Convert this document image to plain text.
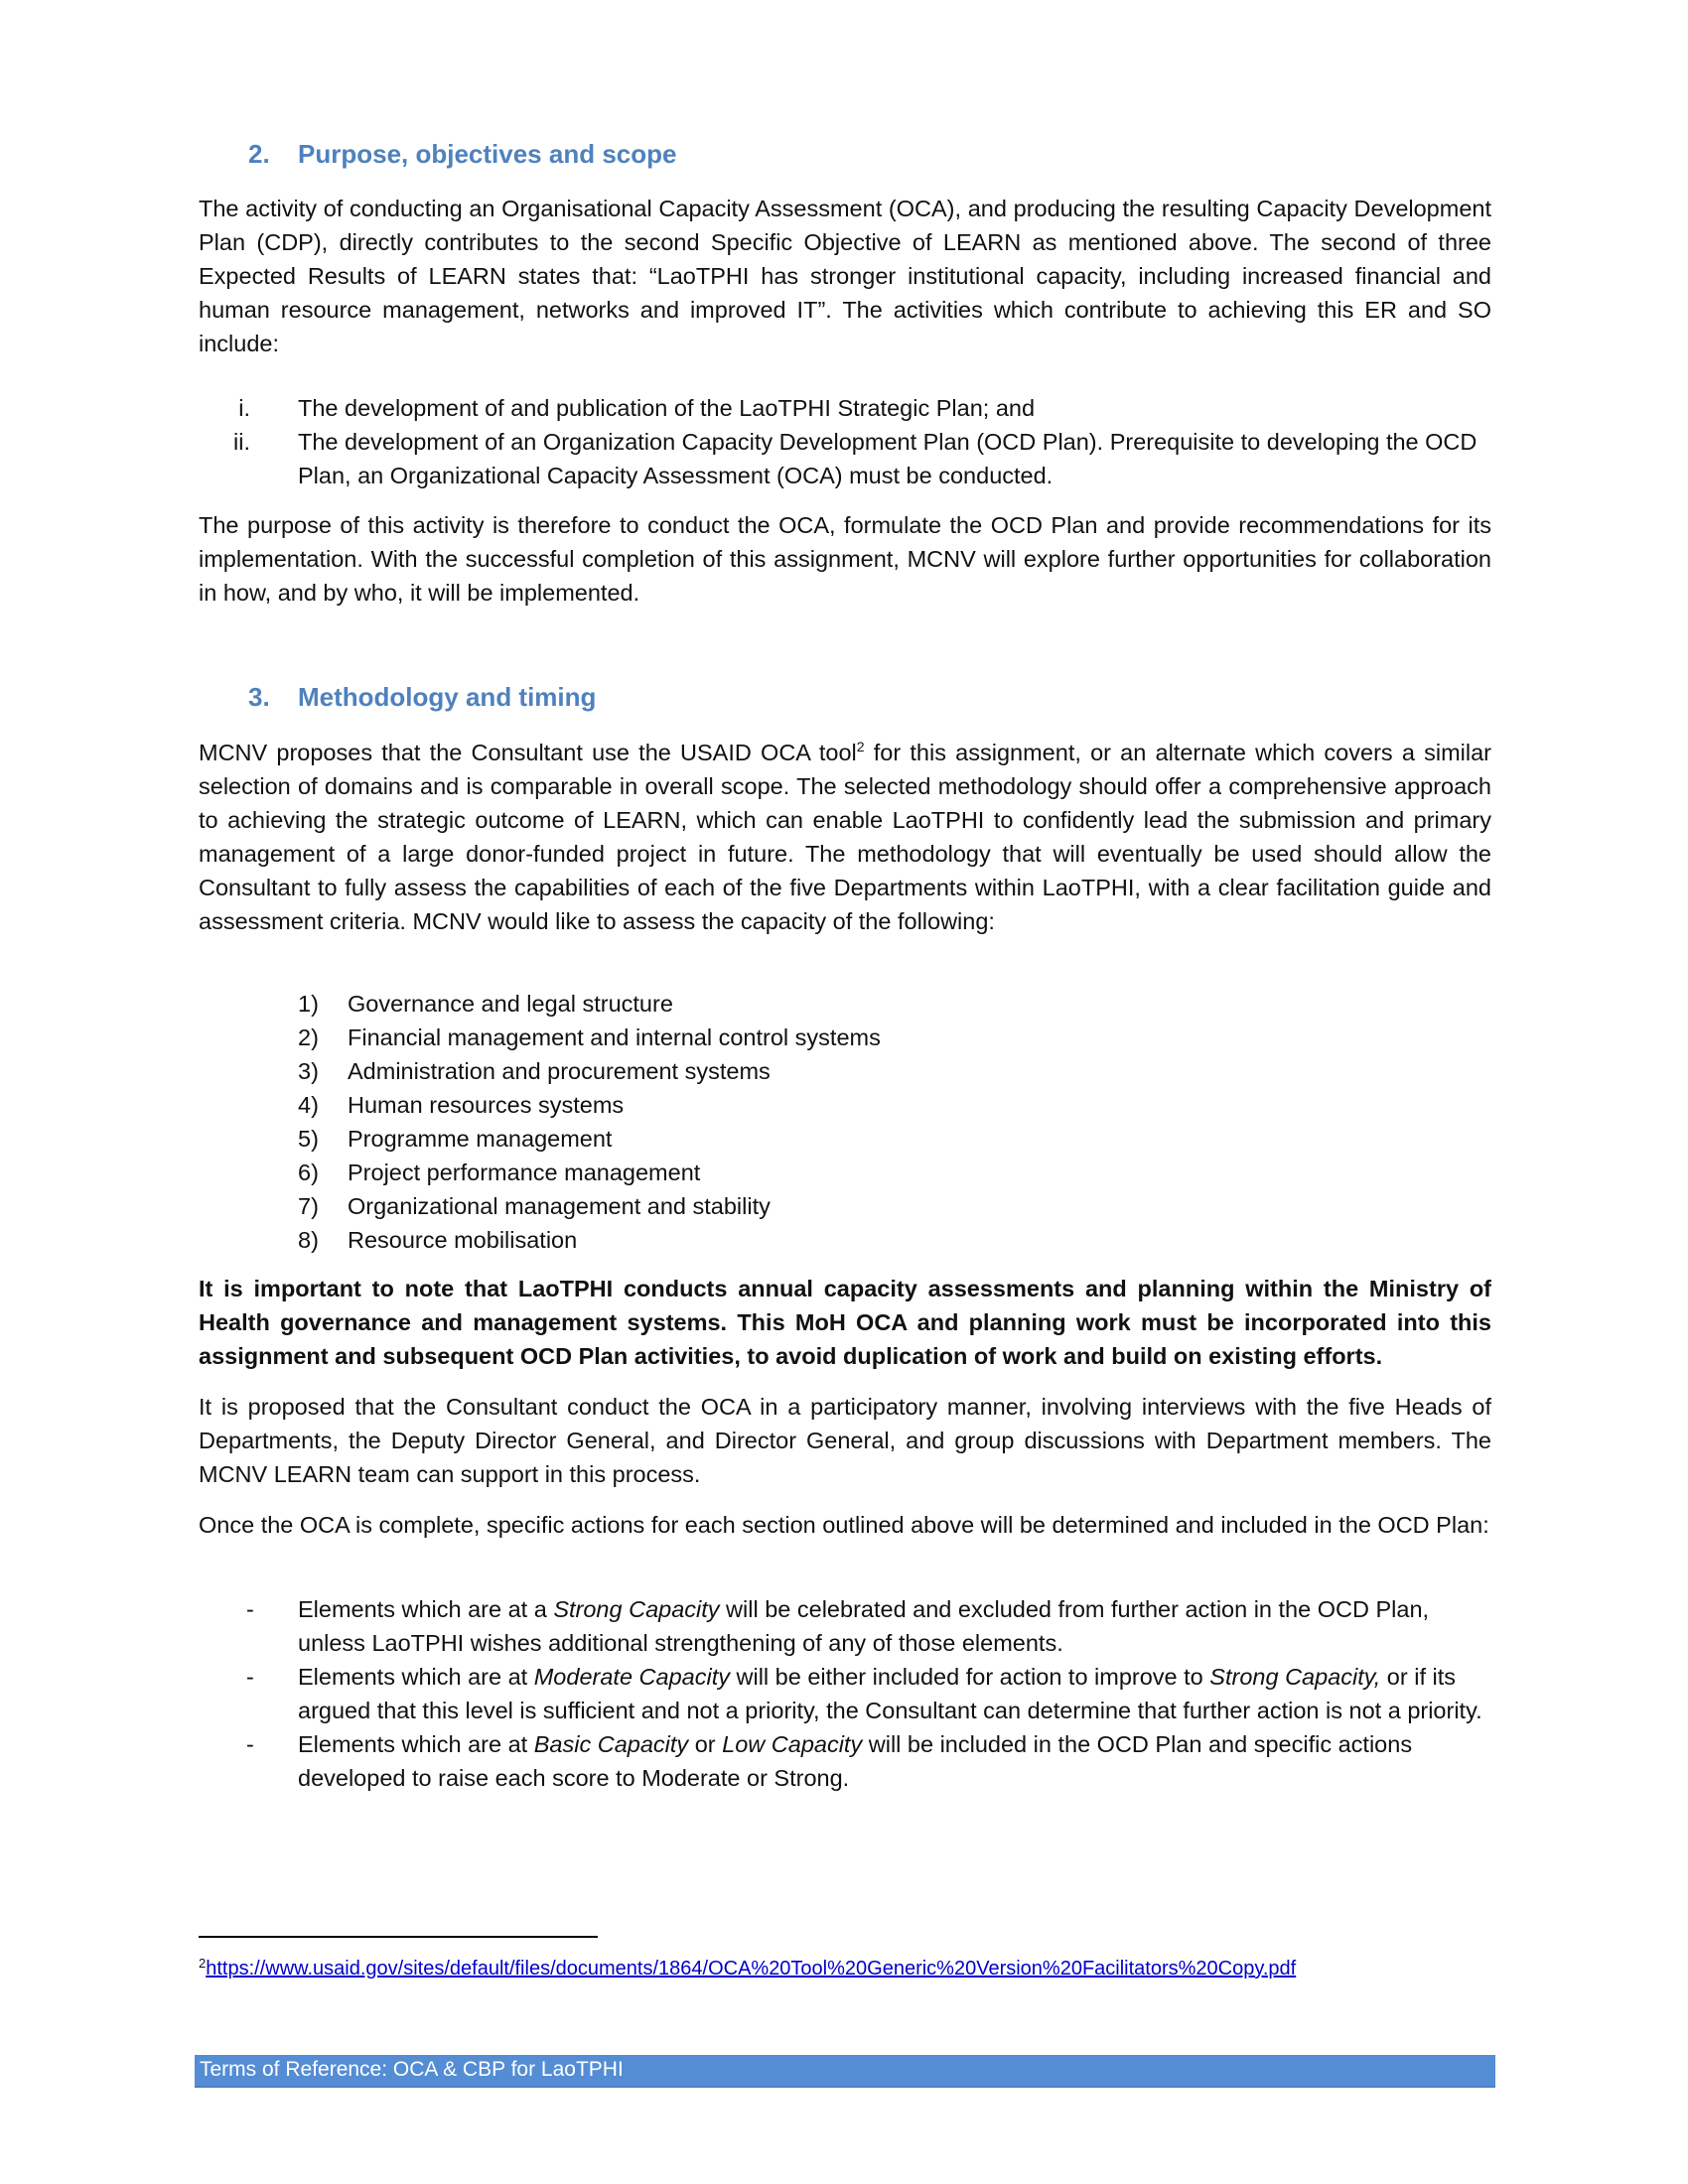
2. Purpose, objectives and scope

The activity of conducting an Organisational Capacity Assessment (OCA), and producing the resulting Capacity Development Plan (CDP), directly contributes to the second Specific Objective of LEARN as mentioned above. The second of three Expected Results of LEARN states that: “LaoTPHI has stronger institutional capacity, including increased financial and human resource management, networks and improved IT”. The activities which contribute to achieving this ER and SO include:

i. The development of and publication of the LaoTPHI Strategic Plan; and
ii. The development of an Organization Capacity Development Plan (OCD Plan). Prerequisite to developing the OCD Plan, an Organizational Capacity Assessment (OCA) must be conducted.

The purpose of this activity is therefore to conduct the OCA, formulate the OCD Plan and provide recommendations for its implementation. With the successful completion of this assignment, MCNV will explore further opportunities for collaboration in how, and by who, it will be implemented.

3. Methodology and timing

MCNV proposes that the Consultant use the USAID OCA tool$^2$ for this assignment, or an alternate which covers a similar selection of domains and is comparable in overall scope. The selected methodology should offer a comprehensive approach to achieving the strategic outcome of LEARN, which can enable LaoTPHI to confidently lead the submission and primary management of a large donor-funded project in future. The methodology that will eventually be used should allow the Consultant to fully assess the capabilities of each of the five Departments within LaoTPHI, with a clear facilitation guide and assessment criteria. MCNV would like to assess the capacity of the following:

1) Governance and legal structure
2) Financial management and internal control systems
3) Administration and procurement systems
4) Human resources systems
5) Programme management
6) Project performance management
7) Organizational management and stability
8) Resource mobilisation

It is important to note that LaoTPHI conducts annual capacity assessments and planning within the Ministry of Health governance and management systems. This MoH OCA and planning work must be incorporated into this assignment and subsequent OCD Plan activities, to avoid duplication of work and build on existing efforts.

It is proposed that the Consultant conduct the OCA in a participatory manner, involving interviews with the five Heads of Departments, the Deputy Director General, and Director General, and group discussions with Department members. The MCNV LEARN team can support in this process.

Once the OCA is complete, specific actions for each section outlined above will be determined and included in the OCD Plan:

- Elements which are at a Strong Capacity will be celebrated and excluded from further action in the OCD Plan, unless LaoTPHI wishes additional strengthening of any of those elements.
- Elements which are at Moderate Capacity will be either included for action to improve to Strong Capacity, or if its argued that this level is sufficient and not a priority, the Consultant can determine that further action is not a priority.
- Elements which are at Basic Capacity or Low Capacity will be included in the OCD Plan and specific actions developed to raise each score to Moderate or Strong.
$^2$https://www.usaid.gov/sites/default/files/documents/1864/OCA%20Tool%20Generic%20Version%20Facilitators%20Copy.pdf
Terms of Reference: OCA & CBP for LaoTPHI
